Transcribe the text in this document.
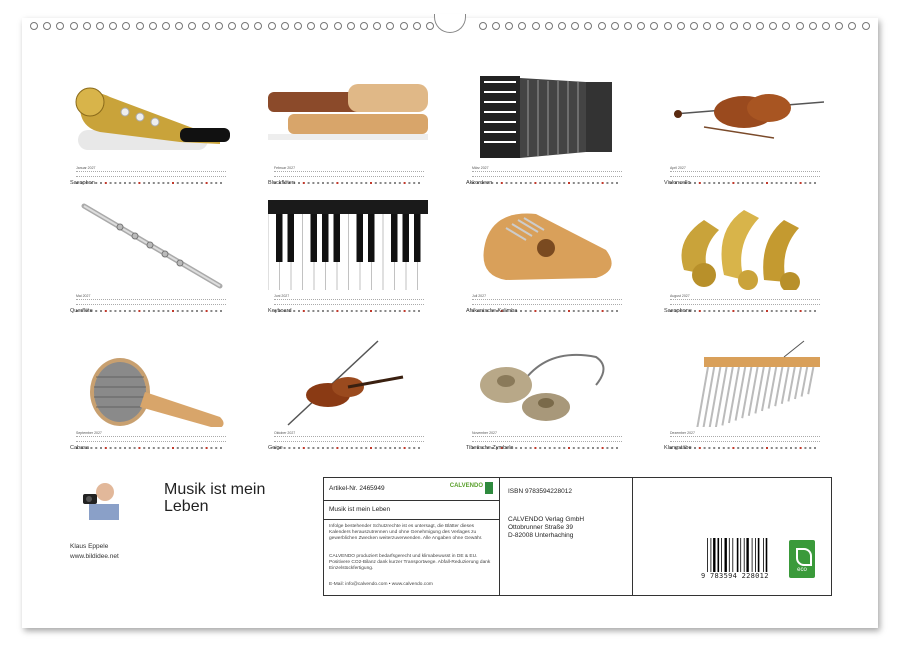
Januar 2027
Saxophon
Februar 2027
Blockflöten
März 2027
Akkordeon
April 2027
Violoncello
Mai 2027
Querflöte
Juni 2027
Keyboard
Juli 2027
Afrikanische Kalimba
August 2027
Saxophone
September 2027
Cabasa
Oktober 2027
Geige
November 2027
Tibetische Zymbeln
Dezember 2027
Klangstäbe
Klaus Eppele
www.bildidee.net
Musik ist mein
Leben
Artikel-Nr. 2465949	CALVENDO
Musik ist mein Leben
Infolge bestehender Schutzrechte ist es untersagt, die Blätter dieses Kalenders herauszutrennen und ohne Genehmigung des Verlages zu gewerblichen Zwecken weiterzuverwenden. Alle Angaben ohne Gewähr.
CALVENDO produziert bedarfsgerecht und klimabewusst in DE & EU. Positivere CO2-Bilanz dank kurzer Transportwege. Abfall-Reduzierung dank Einzelstückfertigung.
E-Mail: info@calvendo.com • www.calvendo.com
ISBN 9783594228012
CALVENDO Verlag GmbH
Ottobrunner Straße 39
D-82008 Unterhaching
9 783594 228012
eco
